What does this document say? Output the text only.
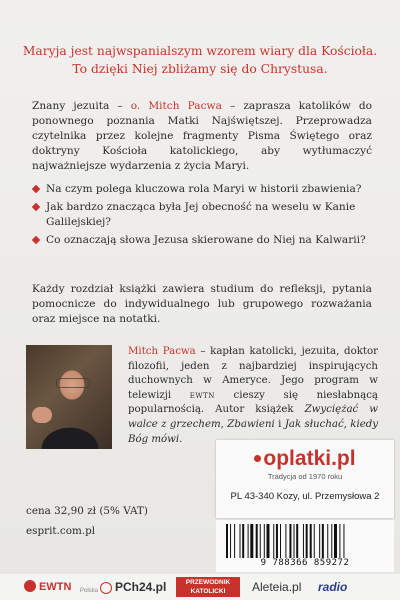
Maryja jest najwspanialszym wzorem wiary dla Kościoła.
To dzięki Niej zbliżamy się do Chrystusa.
Znany jezuita – o. Mitch Pacwa – zaprasza katolików do ponownego poznania Matki Najświętszej. Przeprowadza czytelnika przez kolejne fragmenty Pisma Świętego oraz doktryny Kościoła katolickiego, aby wytłumaczyć najważniejsze wydarzenia z życia Maryi.
Na czym polega kluczowa rola Maryi w historii zbawienia?
Jak bardzo znacząca była Jej obecność na weselu w Kanie Galilejskiej?
Co oznaczają słowa Jezusa skierowane do Niej na Kalwarii?
Każdy rozdział książki zawiera studium do refleksji, pytania pomocnicze do indywidualnego lub grupowego rozważania oraz miejsce na notatki.
Mitch Pacwa – kapłan katolicki, jezuita, doktor filozofii, jeden z najbardziej inspirujących duchownych w Ameryce. Jego program w telewizji ewtn cieszy się niesłabnącą popularnością. Autor książek Zwyciężać w walce z grzechem, Zbawieni i Jak słuchać, kiedy Bóg mówi.
oplatki.pl
Tradycja od 1970 roku
PL 43-340 Kozy, ul. Przemysłowa 2
cena 32,90 zł (5% VAT)
esprit.com.pl
9 788366 859272
EWTN Polska	PCh24.pl	PRZEWODNIK
KATOLICKI	Aleteia.pl radio
